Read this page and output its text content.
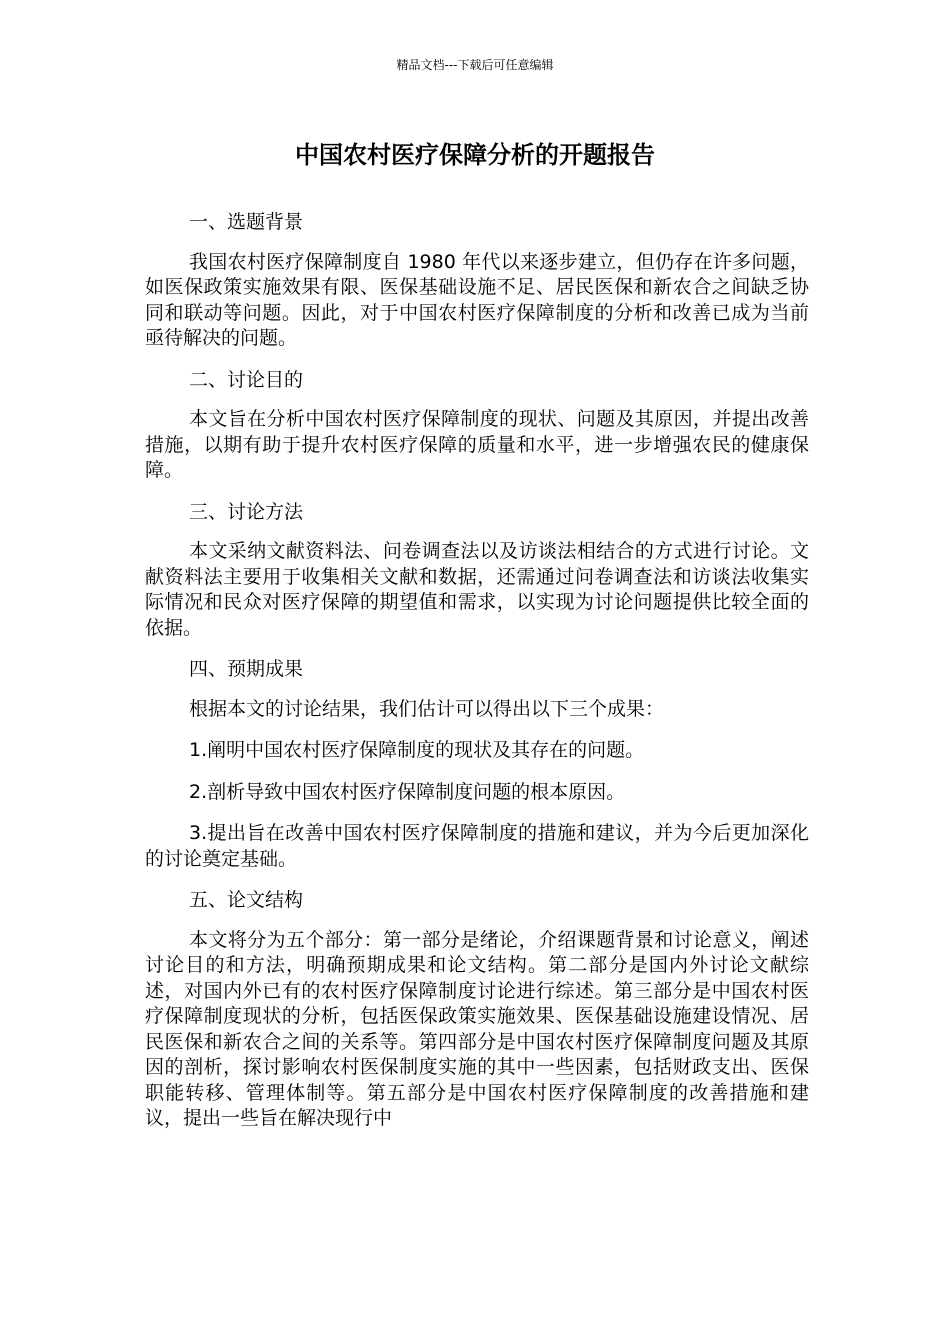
精品文档---下载后可任意编辑
中国农村医疗保障分析的开题报告

一、选题背景

我国农村医疗保障制度自 1980 年代以来逐步建立，但仍存在许多问题，如医保政策实施效果有限、医保基础设施不足、居民医保和新农合之间缺乏协同和联动等问题。因此，对于中国农村医疗保障制度的分析和改善已成为当前亟待解决的问题。

二、讨论目的

本文旨在分析中国农村医疗保障制度的现状、问题及其原因，并提出改善措施，以期有助于提升农村医疗保障的质量和水平，进一步增强农民的健康保障。

三、讨论方法

本文采纳文献资料法、问卷调查法以及访谈法相结合的方式进行讨论。文献资料法主要用于收集相关文献和数据，还需通过问卷调查法和访谈法收集实际情况和民众对医疗保障的期望值和需求，以实现为讨论问题提供比较全面的依据。

四、预期成果

根据本文的讨论结果，我们估计可以得出以下三个成果：

1.阐明中国农村医疗保障制度的现状及其存在的问题。

2.剖析导致中国农村医疗保障制度问题的根本原因。

3.提出旨在改善中国农村医疗保障制度的措施和建议，并为今后更加深化的讨论奠定基础。

五、论文结构

本文将分为五个部分：第一部分是绪论，介绍课题背景和讨论意义，阐述讨论目的和方法，明确预期成果和论文结构。第二部分是国内外讨论文献综述，对国内外已有的农村医疗保障制度讨论进行综述。第三部分是中国农村医疗保障制度现状的分析，包括医保政策实施效果、医保基础设施建设情况、居民医保和新农合之间的关系等。第四部分是中国农村医疗保障制度问题及其原因的剖析，探讨影响农村医保制度实施的其中一些因素，包括财政支出、医保职能转移、管理体制等。第五部分是中国农村医疗保障制度的改善措施和建议，提出一些旨在解决现行中
